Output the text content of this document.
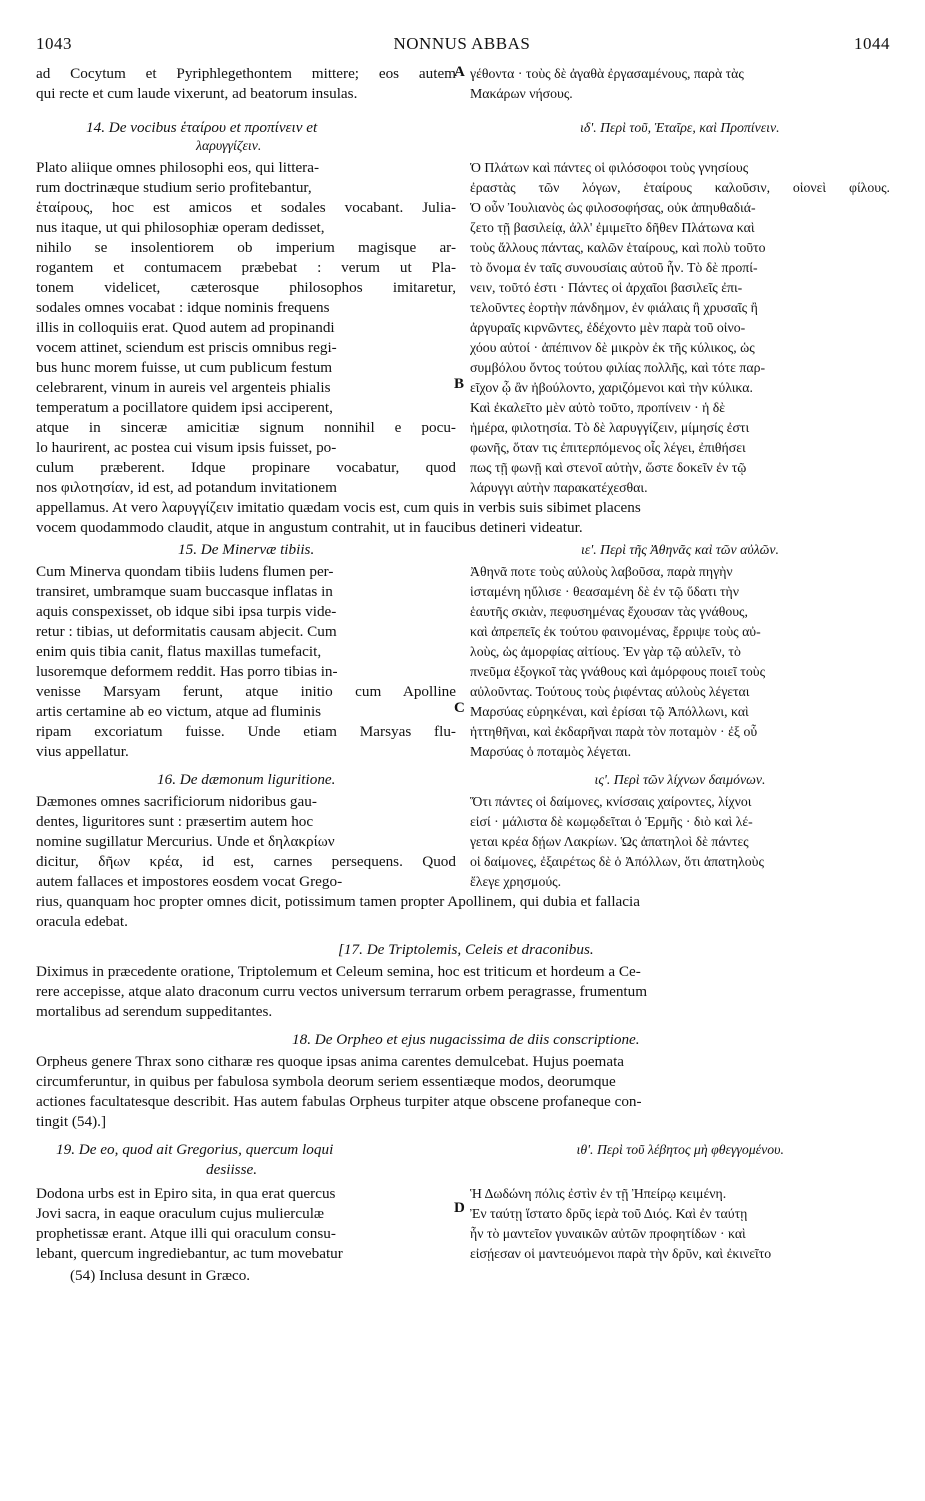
1043	NONNUS ABBAS	1044
ad Cocytum et Pyriphlegethontem mittere; eos autem
qui recte et cum laude vixerunt, ad beatorum insulas.
γέθοντα · τοὺς δὲ ἀγαθὰ ἐργασαμένους, παρὰ τὰς
Μακάρων νήσους.
A
14. De vocibus ἑταίρου et προπίνειν et
λαρυγγίζειν.
ιδ'. Περὶ τοῦ, Ἑταῖρε, καὶ Προπίνειν.
Plato aliique omnes philosophi eos, qui littera-
rum doctrinæque studium serio profitebantur,
ἑταίρους, hoc est amicos et sodales vocabant. Julia-
nus itaque, ut qui philosophiæ operam dedisset,
nihilo se insolentiorem ob imperium magisque ar-
rogantem et contumacem præbebat : verum ut Pla-
tonem videlicet, cæterosque philosophos imitaretur,
sodales omnes vocabat : idque nominis frequens
illis in colloquiis erat. Quod autem ad propinandi
vocem attinet, sciendum est priscis omnibus regi-
bus hunc morem fuisse, ut cum publicum festum
celebrarent, vinum in aureis vel argenteis phialis
temperatum a pocillatore quidem ipsi acciperent,
atque in sinceræ amicitiæ signum nonnihil e pocu-
lo haurirent, ac postea cui visum ipsis fuisset, po-
culum præberent. Idque propinare vocabatur, quod
nos φιλοτησίαν, id est, ad potandum invitationem
Ὁ Πλάτων καὶ πάντες οἱ φιλόσοφοι τοὺς γνησίους
ἐραστὰς τῶν λόγων, ἑταίρους καλοῦσιν, οἱονεὶ φίλους.
Ὁ οὖν Ἰουλιανὸς ὡς φιλοσοφήσας, οὐκ ἀπηυθαδιά-
ζετο τῇ βασιλείᾳ, ἀλλ' ἐμιμεῖτο δῆθεν Πλάτωνα καὶ
τοὺς ἄλλους πάντας, καλῶν ἑταίρους, καὶ πολὺ τοῦτο
τὸ ὄνομα ἐν ταῖς συνουσίαις αὐτοῦ ἦν. Τὸ δὲ προπί-
νειν, τοῦτό ἐστι · Πάντες οἱ ἀρχαῖοι βασιλεῖς ἐπι-
τελοῦντες ἑορτὴν πάνδημον, ἐν φιάλαις ἢ χρυσαῖς ἢ
ἀργυραῖς κιρνῶντες, ἐδέχοντο μὲν παρὰ τοῦ οἰνο-
χόου αὐτοί · ἀπέπινον δὲ μικρὸν ἐκ τῆς κύλικος, ὡς
συμβόλου ὄντος τούτου φιλίας πολλῆς, καὶ τότε παρ-
εῖχον ᾧ ἂν ἠβούλοντο, χαριζόμενοι καὶ τὴν κύλικα.
Καὶ ἐκαλεῖτο μὲν αὐτὸ τοῦτο, προπίνειν · ἡ δὲ
ἡμέρα, φιλοτησία. Τὸ δὲ λαρυγγίζειν, μίμησίς ἐστι
φωνῆς, ὅταν τις ἐπιτερπόμενος οἷς λέγει, ἐπιθήσει
πως τῇ φωνῇ καὶ στενοῖ αὐτὴν, ὥστε δοκεῖν ἐν τῷ
λάρυγγι αὐτὴν παρακατέχεσθαι.
B
appellamus. At vero λαρυγγίζειν imitatio quædam vocis est, cum quis in verbis suis sibimet placens
vocem quodammodo claudit, atque in angustum contrahit, ut in faucibus detineri videatur.
15. De Minervæ tibiis.	ιε'. Περὶ τῆς Ἀθηνᾶς καὶ τῶν αὐλῶν.
Cum Minerva quondam tibiis ludens flumen per-
transiret, umbramque suam buccasque inflatas in
aquis conspexisset, ob idque sibi ipsa turpis vide-
retur : tibias, ut deformitatis causam abjecit. Cum
enim quis tibia canit, flatus maxillas tumefacit,
lusoremque deformem reddit. Has porro tibias in-
venisse Marsyam ferunt, atque initio cum Apolline
artis certamine ab eo victum, atque ad fluminis
ripam excoriatum fuisse. Unde etiam Marsyas flu-
vius appellatur.
Ἀθηνᾶ ποτε τοὺς αὐλοὺς λαβοῦσα, παρὰ πηγὴν
ἱσταμένη ηὔλισε · θεασαμένη δὲ ἐν τῷ ὕδατι τὴν
ἑαυτῆς σκιὰν, πεφυσημένας ἔχουσαν τὰς γνάθους,
καὶ ἀπρεπεῖς ἐκ τούτου φαινομένας, ἔρριψε τοὺς αὐ-
λοὺς, ὡς ἀμορφίας αἰτίους. Ἐν γὰρ τῷ αὐλεῖν, τὸ
πνεῦμα ἐξογκοῖ τὰς γνάθους καὶ ἀμόρφους ποιεῖ τοὺς
αὐλοῦντας. Τούτους τοὺς ῥιφέντας αὐλοὺς λέγεται
Μαρσύας εὑρηκέναι, καὶ ἐρίσαι τῷ Ἀπόλλωνι, καὶ
ἡττηθῆναι, καὶ ἐκδαρῆναι παρὰ τὸν ποταμὸν · ἐξ οὗ
Μαρσύας ὁ ποταμὸς λέγεται.
C
16. De dæmonum liguritione.	ις'. Περὶ τῶν λίχνων δαιμόνων.
Dæmones omnes sacrificiorum nidoribus gau-
dentes, liguritores sunt : præsertim autem hoc
nomine sugillatur Mercurius. Unde et δηλακρίων
dicitur, δῆων κρέα, id est, carnes persequens. Quod
autem fallaces et impostores eosdem vocat Grego-
Ὅτι πάντες οἱ δαίμονες, κνίσσαις χαίροντες, λίχνοι
εἰσί · μάλιστα δὲ κωμῳδεῖται ὁ Ἑρμῆς · διὸ καὶ λέ-
γεται κρέα δῄων Λακρίων. Ὡς ἀπατηλοὶ δὲ πάντες
οἱ δαίμονες, ἐξαιρέτως δὲ ὁ Ἀπόλλων, ὅτι ἀπατηλοὺς
ἔλεγε χρησμούς.
rius, quanquam hoc propter omnes dicit, potissimum tamen propter Apollinem, qui dubia et fallacia
oracula edebat.
[17. De Triptolemis, Celeis et draconibus.
Diximus in præcedente oratione, Triptolemum et Celeum semina, hoc est triticum et hordeum a Ce-
rere accepisse, atque alato draconum curru vectos universum terrarum orbem peragrasse, frumentum
mortalibus ad serendum suppeditantes.
18. De Orpheo et ejus nugacissima de diis conscriptione.
Orpheus genere Thrax sono citharæ res quoque ipsas anima carentes demulcebat. Hujus poemata
circumferuntur, in quibus per fabulosa symbola deorum seriem essentiæque modos, deorumque
actiones facultatesque describit. Has autem fabulas Orpheus turpiter atque obscene profaneque con-
tingit (54).]
19. De eo, quod ait Gregorius, quercum loqui
desiisse.
ιθ'. Περὶ τοῦ λέβητος μὴ φθεγγομένου.
Dodona urbs est in Epiro sita, in qua erat quercus
Jovi sacra, in eaque oraculum cujus mulierculæ
prophetissæ erant. Atque illi qui oraculum consu-
lebant, quercum ingrediebantur, ac tum movebatur
Ἡ Δωδώνη πόλις ἐστὶν ἐν τῇ Ἠπείρῳ κειμένη.
Ἐν ταύτῃ ἵστατο δρῦς ἱερὰ τοῦ Διός. Καὶ ἐν ταύτῃ
ἦν τὸ μαντεῖον γυναικῶν αὐτῶν προφητίδων · καὶ
εἰσῄεσαν οἱ μαντευόμενοι παρὰ τὴν δρῦν, καὶ ἐκινεῖτο
D
(54) Inclusa desunt in Græco.
